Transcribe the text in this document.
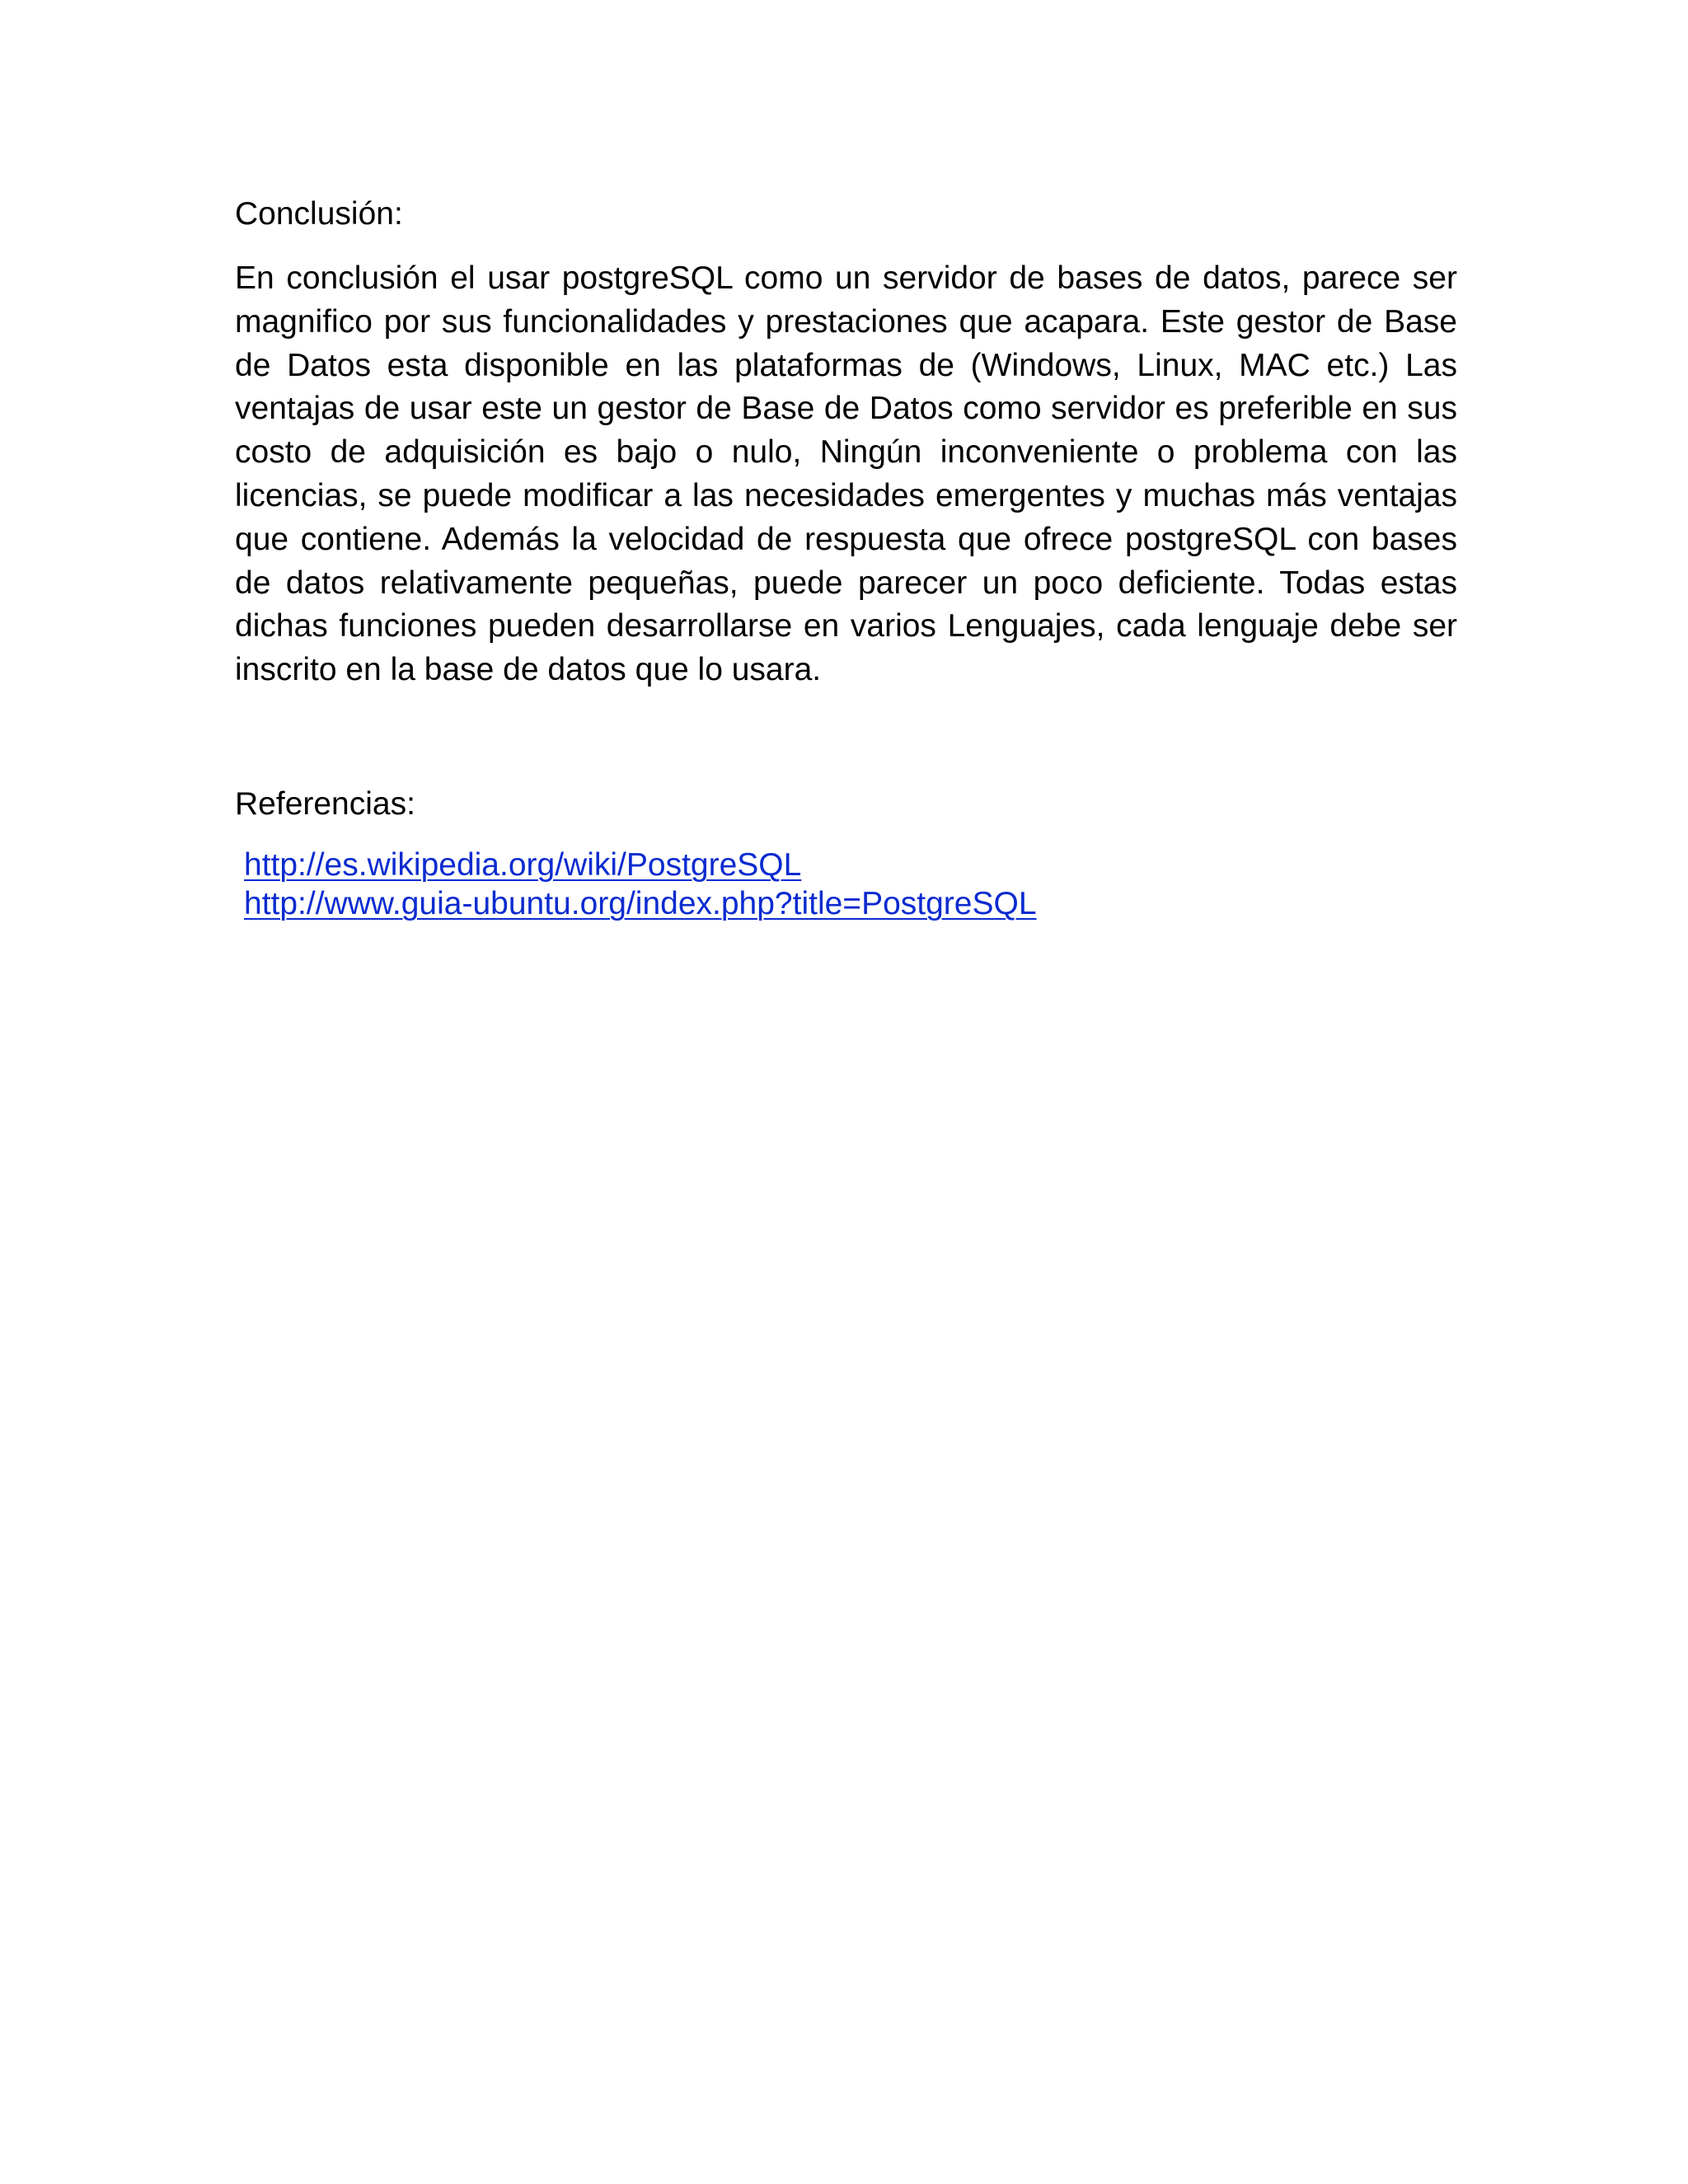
Conclusión:

En conclusión el usar postgreSQL como un servidor de bases de datos, parece ser magnifico por sus funcionalidades y prestaciones que acapara. Este gestor de Base de Datos esta disponible en las plataformas de (Windows, Linux, MAC etc.) Las ventajas de usar este un gestor de Base de Datos como servidor es preferible en sus costo de adquisición es bajo o nulo, Ningún inconveniente o problema con las licencias, se puede modificar a las necesidades emergentes y muchas más ventajas que contiene. Además la velocidad de respuesta que ofrece postgreSQL con bases de datos relativamente pequeñas, puede parecer un poco deficiente. Todas estas dichas funciones pueden desarrollarse en varios Lenguajes, cada lenguaje debe ser inscrito en la base de datos que lo usara.

Referencias:
http://es.wikipedia.org/wiki/PostgreSQL
http://www.guia-ubuntu.org/index.php?title=PostgreSQL
